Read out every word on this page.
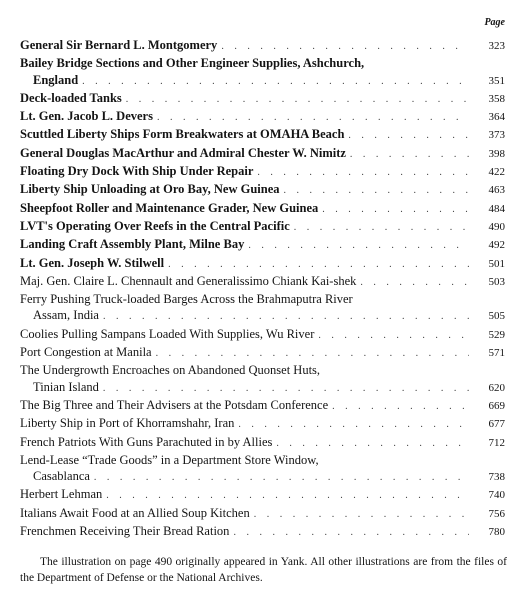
Page
General Sir Bernard L. Montgomery . . .	323
Bailey Bridge Sections and Other Engineer Supplies, Ashchurch,
England . . .	351
Deck-loaded Tanks . . .	358
Lt. Gen. Jacob L. Devers . . .	364
Scuttled Liberty Ships Form Breakwaters at OMAHA Beach . . .	373
General Douglas MacArthur and Admiral Chester W. Nimitz . . .	398
Floating Dry Dock With Ship Under Repair . . .	422
Liberty Ship Unloading at Oro Bay, New Guinea . . .	463
Sheepfoot Roller and Maintenance Grader, New Guinea . . .	484
LVT's Operating Over Reefs in the Central Pacific . . .	490
Landing Craft Assembly Plant, Milne Bay . . .	492
Lt. Gen. Joseph W. Stilwell . . .	501
Maj. Gen. Claire L. Chennault and Generalissimo Chiank Kai-shek . . .	503
Ferry Pushing Truck-loaded Barges Across the Brahmaputra River
Assam, India . . .	505
Coolies Pulling Sampans Loaded With Supplies, Wu River . . .	529
Port Congestion at Manila . . .	571
The Undergrowth Encroaches on Abandoned Quonset Huts,
Tinian Island . . .	620
The Big Three and Their Advisers at the Potsdam Conference . . .	669
Liberty Ship in Port of Khorramshahr, Iran . . .	677
French Patriots With Guns Parachuted in by Allies . . .	712
Lend-Lease “Trade Goods” in a Department Store Window,
Casablanca . . .	738
Herbert Lehman . . .	740
Italians Await Food at an Allied Soup Kitchen . . .	756
Frenchmen Receiving Their Bread Ration . . .	780

The illustration on page 490 originally appeared in Yank. All other illustrations are from the files of the Department of Defense or the National Archives.
